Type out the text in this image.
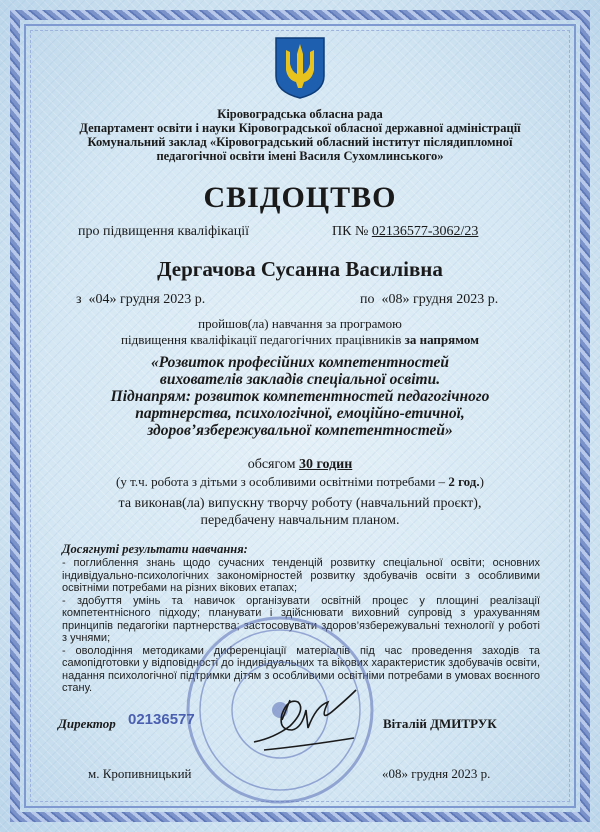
Кіровоградська обласна рада
Департамент освіти і науки Кіровоградської обласної державної адміністрації
Комунальний заклад «Кіровоградський обласний інститут післядипломної
педагогічної освіти імені Василя Сухомлинського»
СВІДОЦТВО
про підвищення кваліфікації	ПК № 02136577-3062/23
Дергачова Сусанна Василівна
з «04» грудня 2023 р.	по «08» грудня 2023 р.
пройшов(ла) навчання за програмою
підвищення кваліфікації педагогічних працівників за напрямом
«Розвиток професійних компетентностей
вихователів закладів спеціальної освіти.
Піднапрям: розвиток компетентностей педагогічного
партнерства, психологічної, емоційно-етичної,
здоров’язбережувальної компетентностей»
обсягом 30 годин
(у т.ч. робота з дітьми з особливими освітніми потребами – 2 год.)
та виконав(ла) випускну творчу роботу (навчальний проєкт),
передбачену навчальним планом.
Досягнуті результати навчання:
- поглиблення знань щодо сучасних тенденцій розвитку спеціальної освіти; основних індивідуально-психологічних закономірностей розвитку здобувачів освіти з особливими освітніми потребами на різних вікових етапах;
- здобуття умінь та навичок організувати освітній процес у площині реалізації компетентнісного підходу; планувати і здійснювати виховний супровід з урахуванням принципів педагогіки партнерства; застосовувати здоров’язбережувальні технології у роботі з учнями;
- оволодіння методиками диференціації матеріалів під час проведення заходів та самопідготовки у відповідності до індивідуальних та вікових характеристик здобувачів освіти, надання психологічної підтримки дітям з особливими освітніми потребами в умовах воєнного стану.
Директор 02136577	Віталій ДМИТРУК
м. Кропивницький	«08» грудня 2023 р.
